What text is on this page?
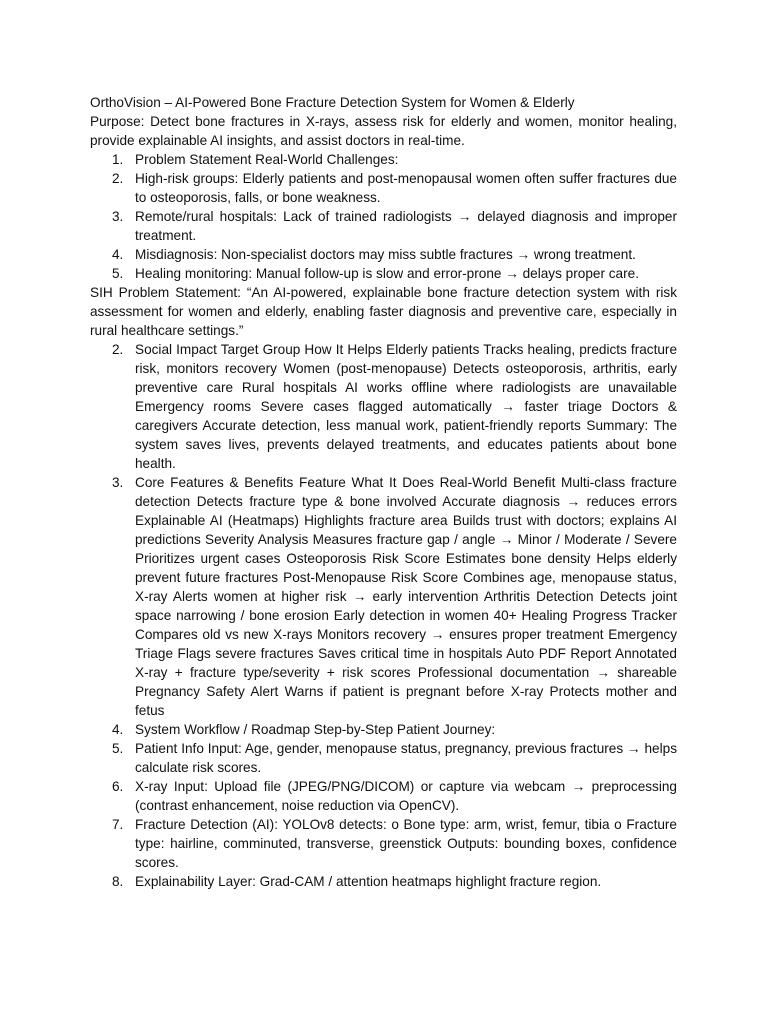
OrthoVision – AI-Powered Bone Fracture Detection System for Women & Elderly

Purpose: Detect bone fractures in X-rays, assess risk for elderly and women, monitor healing, provide explainable AI insights, and assist doctors in real-time.

1. Problem Statement Real-World Challenges:
2. High-risk groups: Elderly patients and post-menopausal women often suffer fractures due to osteoporosis, falls, or bone weakness.
3. Remote/rural hospitals: Lack of trained radiologists → delayed diagnosis and improper treatment.
4. Misdiagnosis: Non-specialist doctors may miss subtle fractures → wrong treatment.
5. Healing monitoring: Manual follow-up is slow and error-prone → delays proper care.

SIH Problem Statement: “An AI-powered, explainable bone fracture detection system with risk assessment for women and elderly, enabling faster diagnosis and preventive care, especially in rural healthcare settings.”

2. Social Impact Target Group How It Helps Elderly patients Tracks healing, predicts fracture risk, monitors recovery Women (post-menopause) Detects osteoporosis, arthritis, early preventive care Rural hospitals AI works offline where radiologists are unavailable Emergency rooms Severe cases flagged automatically → faster triage Doctors & caregivers Accurate detection, less manual work, patient-friendly reports Summary: The system saves lives, prevents delayed treatments, and educates patients about bone health.
3. Core Features & Benefits Feature What It Does Real-World Benefit Multi-class fracture detection Detects fracture type & bone involved Accurate diagnosis → reduces errors Explainable AI (Heatmaps) Highlights fracture area Builds trust with doctors; explains AI predictions Severity Analysis Measures fracture gap / angle → Minor / Moderate / Severe Prioritizes urgent cases Osteoporosis Risk Score Estimates bone density Helps elderly prevent future fractures Post-Menopause Risk Score Combines age, menopause status, X-ray Alerts women at higher risk → early intervention Arthritis Detection Detects joint space narrowing / bone erosion Early detection in women 40+ Healing Progress Tracker Compares old vs new X-rays Monitors recovery → ensures proper treatment Emergency Triage Flags severe fractures Saves critical time in hospitals Auto PDF Report Annotated X-ray + fracture type/severity + risk scores Professional documentation → shareable Pregnancy Safety Alert Warns if patient is pregnant before X-ray Protects mother and fetus
4. System Workflow / Roadmap Step-by-Step Patient Journey:
5. Patient Info Input: Age, gender, menopause status, pregnancy, previous fractures → helps calculate risk scores.
6. X-ray Input: Upload file (JPEG/PNG/DICOM) or capture via webcam → preprocessing (contrast enhancement, noise reduction via OpenCV).
7. Fracture Detection (AI): YOLOv8 detects: o Bone type: arm, wrist, femur, tibia o Fracture type: hairline, comminuted, transverse, greenstick Outputs: bounding boxes, confidence scores.
8. Explainability Layer: Grad-CAM / attention heatmaps highlight fracture region.
